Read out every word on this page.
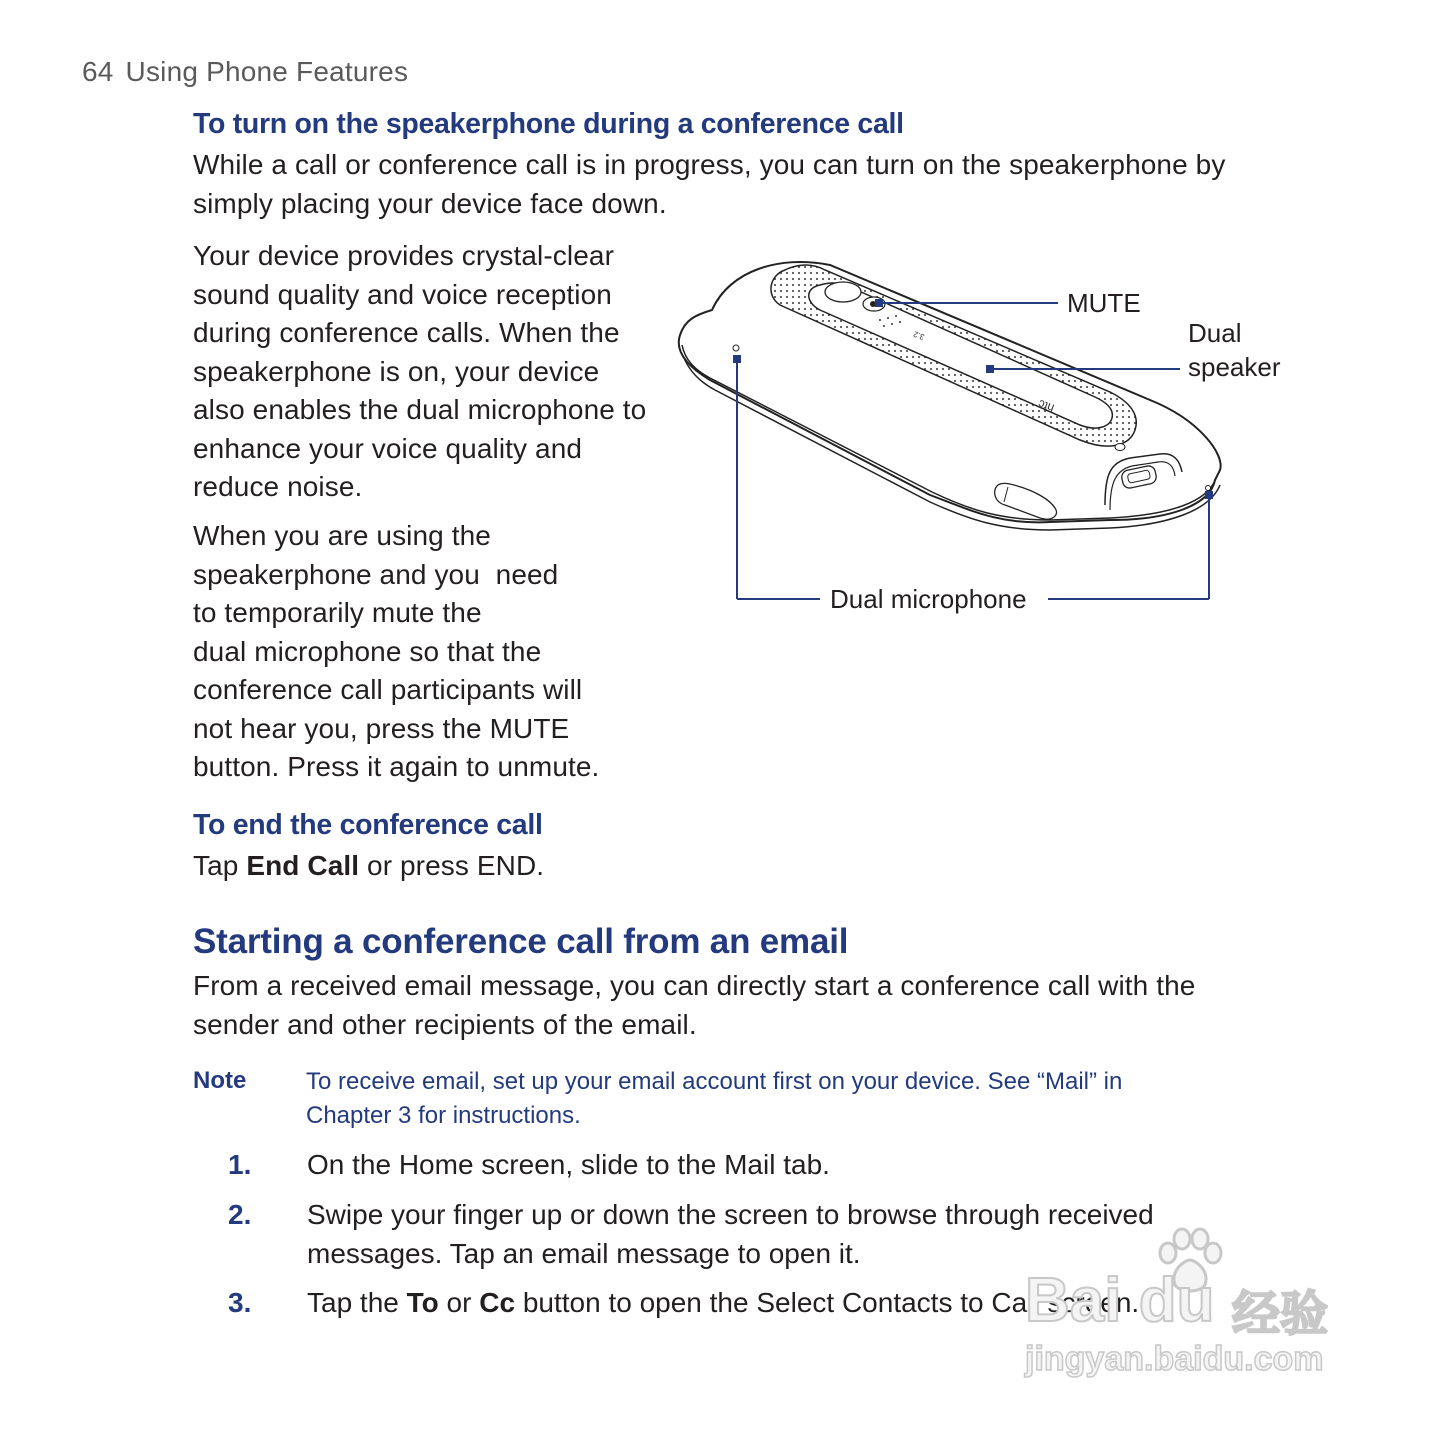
64 Using Phone Features
To turn on the speakerphone during a conference call
While a call or conference call is in progress, you can turn on the speakerphone by simply placing your device face down.
Your device provides crystal-clear sound quality and voice reception during conference calls. When the speakerphone is on, your device also enables the dual microphone to enhance your voice quality and reduce noise.
When you are using the
speakerphone and you  need
to temporarily mute the
dual microphone so that the
conference call participants will
not hear you, press the MUTE
button. Press it again to unmute.
3.2
htc
MUTE
Dual
speaker
Dual microphone
To end the conference call
Tap End Call or press END.
Starting a conference call from an email
From a received email message, you can directly start a conference call with the sender and other recipients of the email.
Note To receive email, set up your email account first on your device. See “Mail” in Chapter 3 for instructions.
1. On the Home screen, slide to the Mail tab.
2. Swipe your finger up or down the screen to browse through received messages. Tap an email message to open it.
3. Tap the To or Cc button to open the Select Contacts to Call screen.
Bai du 经验
jingyan.baidu.com
